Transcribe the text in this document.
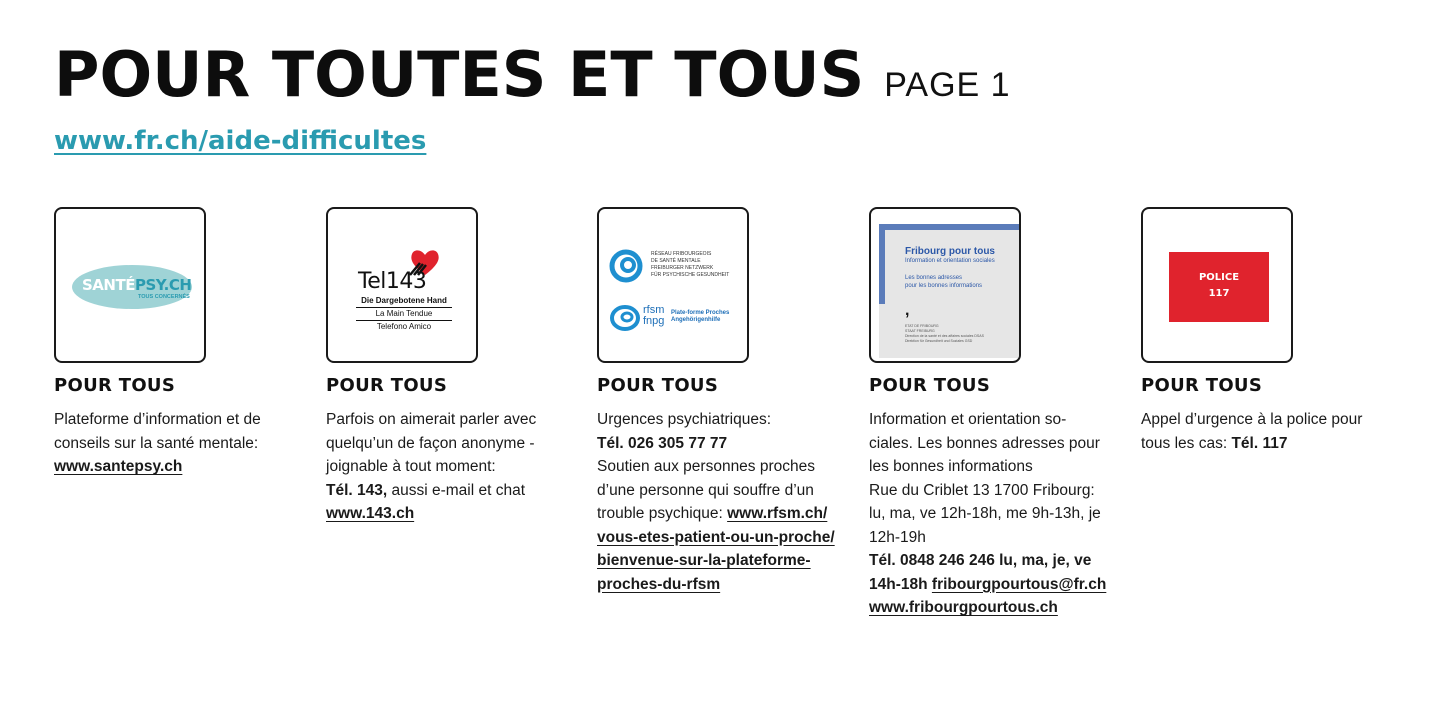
POUR TOUTES ET TOUS PAGE 1
www.fr.ch/aide-difficultes
SANTÉPSY.CH
TOUS CONCERNÉS
POUR TOUS
Plateforme d’information et de conseils sur la santé mentale:
www.santepsy.ch
Tel143
Die Dargebotene Hand
La Main Tendue
Telefono Amico
POUR TOUS
Parfois on aimerait parler avec quelqu’un de façon anonyme - joignable à tout moment:
Tél. 143, aussi e-mail et chat
www.143.ch
RÉSEAU FRIBOURGEOIS
DE SANTÉ MENTALE
FREIBURGER NETZWERK
FÜR PSYCHISCHE GESUNDHEIT
rfsm
fnpg
Plate-forme Proches
Angehörigenhilfe
POUR TOUS
Urgences psychiatriques:
Tél. 026 305 77 77
Soutien aux personnes proches d’une personne qui souffre d’un trouble psychique: www.rfsm.ch/
vous-etes-patient-ou-un-proche/
bienvenue-sur-la-plateforme-
proches-du-rfsm
Fribourg pour tous
Information et orientation sociales
Les bonnes adresses
pour les bonnes informations
,
ETAT DE FRIBOURG
STAAT FREIBURG
Direction de la santé et des affaires sociales DSAS
Direktion für Gesundheit und Soziales GSD
POUR TOUS
Information et orientation so-ciales. Les bonnes adresses pour les bonnes informations
Rue du Criblet 13 1700 Fribourg: lu, ma, ve 12h-18h, me 9h-13h, je 12h-19h
Tél. 0848 246 246 lu, ma, je, ve 14h-18h fribourgpourtous@fr.ch
www.fribourgpourtous.ch
POLICE
117
POUR TOUS
Appel d’urgence à la police pour tous les cas: Tél. 117
